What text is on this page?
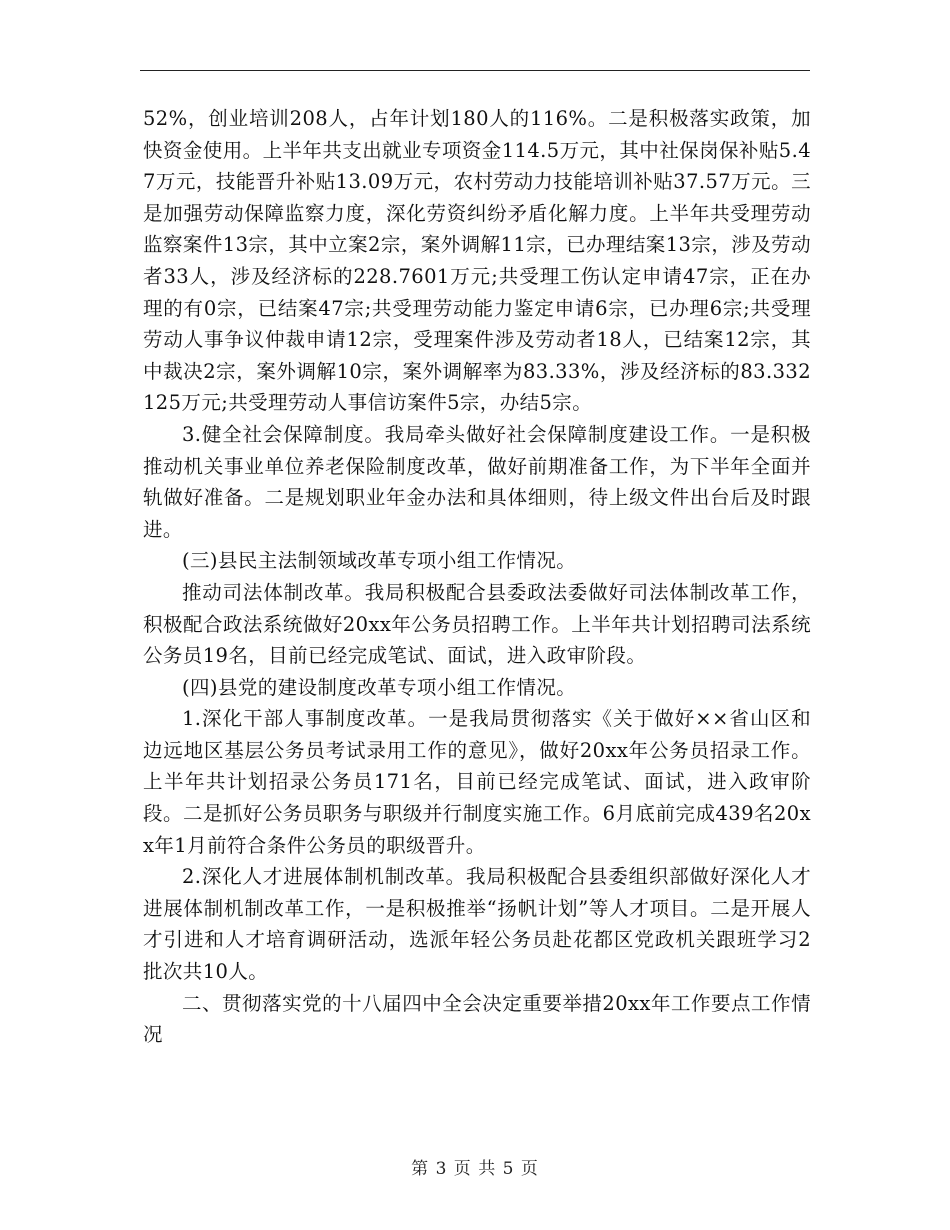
52%，创业培训208人，占年计划180人的116%。二是积极落实政策，加快资金使用。上半年共支出就业专项资金114.5万元，其中社保岗保补贴5.47万元，技能晋升补贴13.09万元，农村劳动力技能培训补贴37.57万元。三是加强劳动保障监察力度，深化劳资纠纷矛盾化解力度。上半年共受理劳动监察案件13宗，其中立案2宗，案外调解11宗，已办理结案13宗，涉及劳动者33人，涉及经济标的228.7601万元;共受理工伤认定申请47宗，正在办理的有0宗，已结案47宗;共受理劳动能力鉴定申请6宗，已办理6宗;共受理劳动人事争议仲裁申请12宗，受理案件涉及劳动者18人，已结案12宗，其中裁决2宗，案外调解10宗，案外调解率为83.33%，涉及经济标的83.332125万元;共受理劳动人事信访案件5宗，办结5宗。

3.健全社会保障制度。我局牵头做好社会保障制度建设工作。一是积极推动机关事业单位养老保险制度改革，做好前期准备工作，为下半年全面并轨做好准备。二是规划职业年金办法和具体细则，待上级文件出台后及时跟进。

(三)县民主法制领域改革专项小组工作情况。

推动司法体制改革。我局积极配合县委政法委做好司法体制改革工作，积极配合政法系统做好20xx年公务员招聘工作。上半年共计划招聘司法系统公务员19名，目前已经完成笔试、面试，进入政审阶段。

(四)县党的建设制度改革专项小组工作情况。

1.深化干部人事制度改革。一是我局贯彻落实《关于做好××省山区和边远地区基层公务员考试录用工作的意见》，做好20xx年公务员招录工作。上半年共计划招录公务员171名，目前已经完成笔试、面试，进入政审阶段。二是抓好公务员职务与职级并行制度实施工作。6月底前完成439名20xx年1月前符合条件公务员的职级晋升。

2.深化人才进展体制机制改革。我局积极配合县委组织部做好深化人才进展体制机制改革工作，一是积极推举“扬帆计划”等人才项目。二是开展人才引进和人才培育调研活动，选派年轻公务员赴花都区党政机关跟班学习2批次共10人。

二、贯彻落实党的十八届四中全会决定重要举措20xx年工作要点工作情况

第 3 页 共 5 页
